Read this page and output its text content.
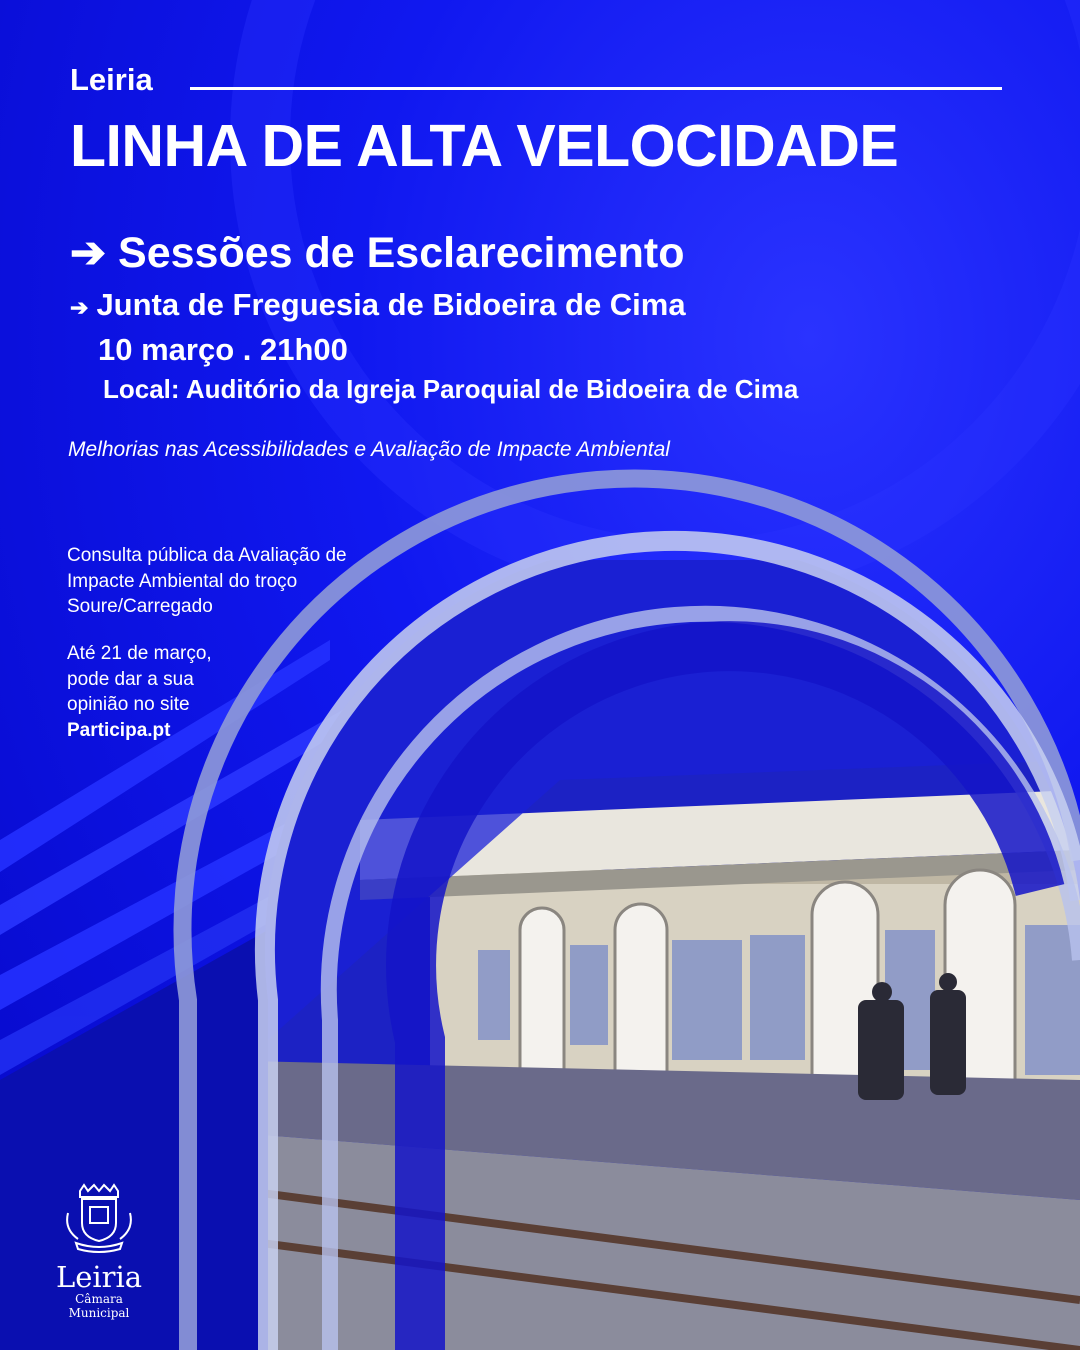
Leiria
LINHA DE ALTA VELOCIDADE
➔ Sessões de Esclarecimento
➔ Junta de Freguesia de Bidoeira de Cima
10 março . 21h00
Local: Auditório da Igreja Paroquial de Bidoeira de Cima
Melhorias nas Acessibilidades e Avaliação de Impacte Ambiental
Consulta pública da Avaliação de
Impacte Ambiental do troço
Soure/Carregado
Até 21 de março,
pode dar a sua
opinião no site
Participa.pt
Leiria
Câmara Municipal
